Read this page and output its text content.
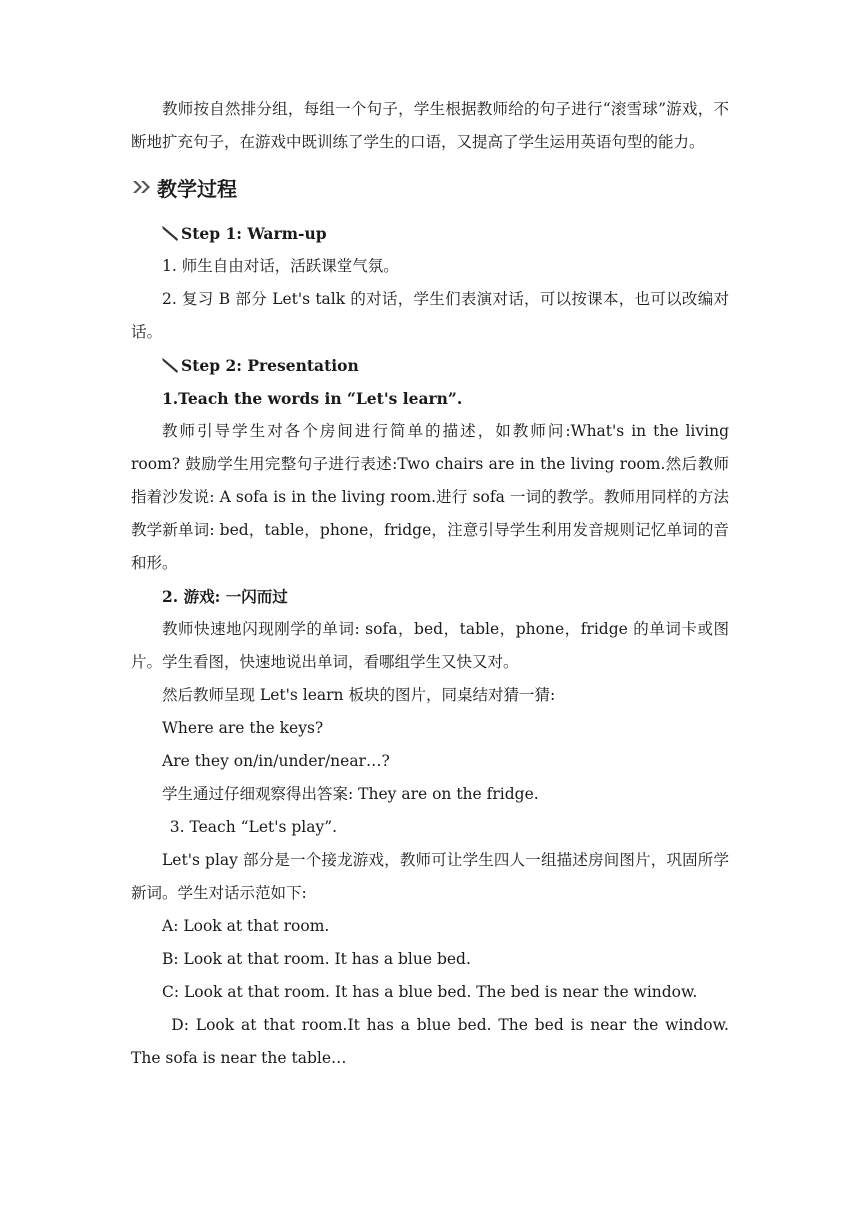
教师按自然排分组，每组一个句子，学生根据教师给的句子进行“滚雪球”游戏，不断地扩充句子，在游戏中既训练了学生的口语，又提高了学生运用英语句型的能力。

教学过程
Step 1: Warm-up

1. 师生自由对话，活跃课堂气氛。

2. 复习 B 部分 Let's talk 的对话，学生们表演对话，可以按课本，也可以改编对话。

Step 2: Presentation

1.Teach the words in “Let's learn”.

教师引导学生对各个房间进行简单的描述，如教师问:What's in the living room? 鼓励学生用完整句子进行表述:Two chairs are in the living room.然后教师指着沙发说: A sofa is in the living room.进行 sofa 一词的教学。教师用同样的方法教学新单词: bed，table，phone，fridge，注意引导学生利用发音规则记忆单词的音和形。

2. 游戏: 一闪而过

教师快速地闪现刚学的单词: sofa，bed，table，phone，fridge 的单词卡或图片。学生看图，快速地说出单词，看哪组学生又快又对。

然后教师呈现 Let's learn 板块的图片，同桌结对猜一猜:

Where are the keys?

Are they on/in/under/near…?

学生通过仔细观察得出答案: They are on the fridge.

3. Teach “Let's play”.

Let's play 部分是一个接龙游戏，教师可让学生四人一组描述房间图片，巩固所学新词。学生对话示范如下:

A: Look at that room.

B: Look at that room. It has a blue bed.

C: Look at that room. It has a blue bed. The bed is near the window.

D: Look at that room.It has a blue bed. The bed is near the window. The sofa is near the table…
